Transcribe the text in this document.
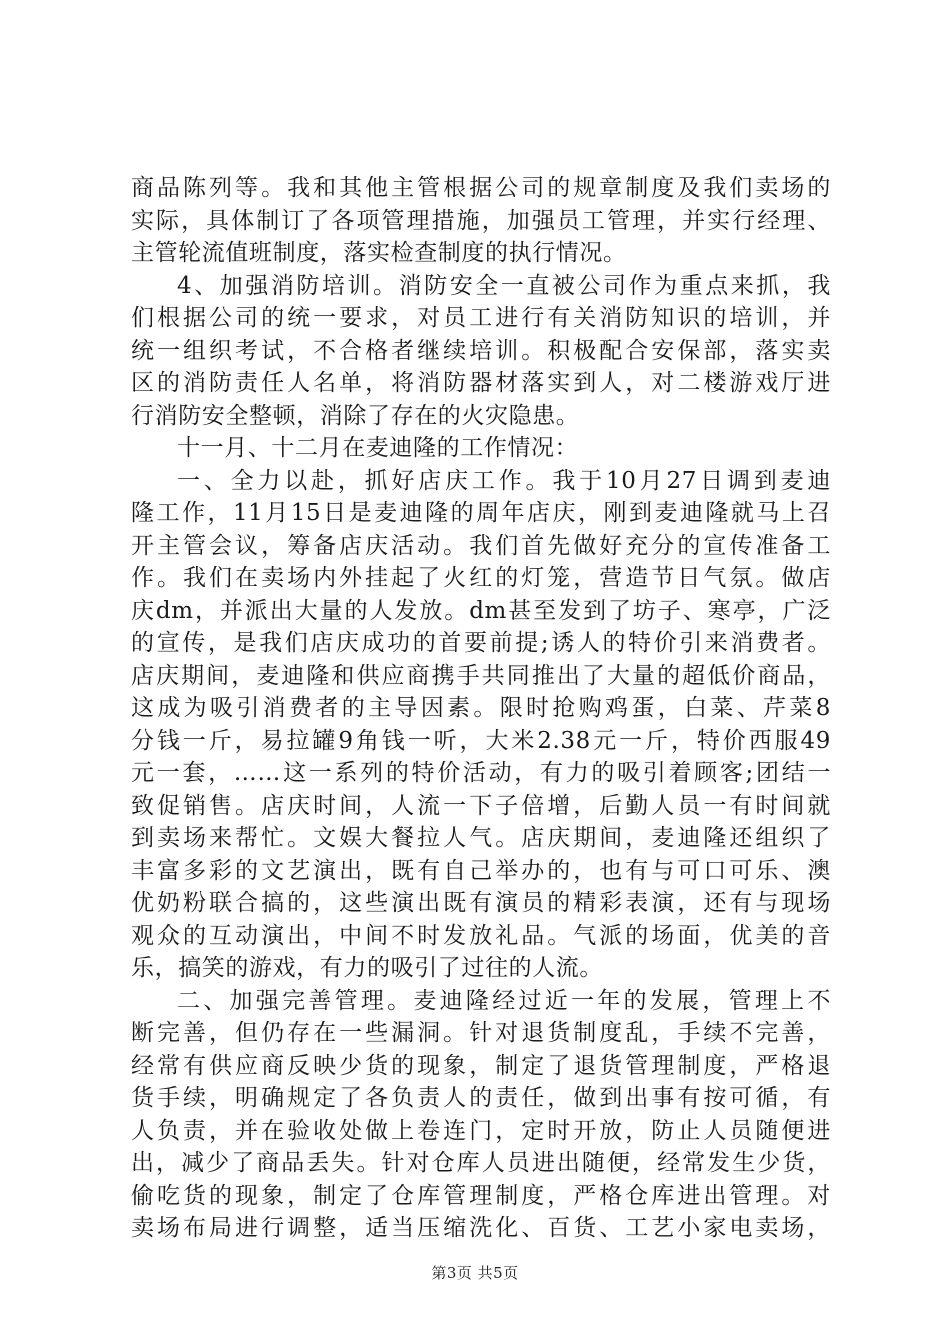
商品陈列等。我和其他主管根据公司的规章制度及我们卖场的
实际，具体制订了各项管理措施，加强员工管理，并实行经理、
主管轮流值班制度，落实检查制度的执行情况。
4、加强消防培训。消防安全一直被公司作为重点来抓，我
们根据公司的统一要求，对员工进行有关消防知识的培训，并
统一组织考试，不合格者继续培训。积极配合安保部，落实卖
区的消防责任人名单，将消防器材落实到人，对二楼游戏厅进
行消防安全整顿，消除了存在的火灾隐患。
十一月、十二月在麦迪隆的工作情况：
一、全力以赴，抓好店庆工作。我于10月27日调到麦迪
隆工作，11月15日是麦迪隆的周年店庆，刚到麦迪隆就马上召
开主管会议，筹备店庆活动。我们首先做好充分的宣传准备工
作。我们在卖场内外挂起了火红的灯笼，营造节日气氛。做店
庆dm，并派出大量的人发放。dm甚至发到了坊子、寒亭，广泛
的宣传，是我们店庆成功的首要前提;诱人的特价引来消费者。
店庆期间，麦迪隆和供应商携手共同推出了大量的超低价商品，
这成为吸引消费者的主导因素。限时抢购鸡蛋，白菜、芹菜8
分钱一斤，易拉罐9角钱一听，大米2.38元一斤，特价西服49
元一套，……这一系列的特价活动，有力的吸引着顾客;团结一
致促销售。店庆时间，人流一下子倍增，后勤人员一有时间就
到卖场来帮忙。文娱大餐拉人气。店庆期间，麦迪隆还组织了
丰富多彩的文艺演出，既有自己举办的，也有与可口可乐、澳
优奶粉联合搞的，这些演出既有演员的精彩表演，还有与现场
观众的互动演出，中间不时发放礼品。气派的场面，优美的音
乐，搞笑的游戏，有力的吸引了过往的人流。
二、加强完善管理。麦迪隆经过近一年的发展，管理上不
断完善，但仍存在一些漏洞。针对退货制度乱，手续不完善，
经常有供应商反映少货的现象，制定了退货管理制度，严格退
货手续，明确规定了各负责人的责任，做到出事有按可循，有
人负责，并在验收处做上卷连门，定时开放，防止人员随便进
出，减少了商品丢失。针对仓库人员进出随便，经常发生少货，
偷吃货的现象，制定了仓库管理制度，严格仓库进出管理。对
卖场布局进行调整，适当压缩洗化、百货、工艺小家电卖场，
第3页 共5页
